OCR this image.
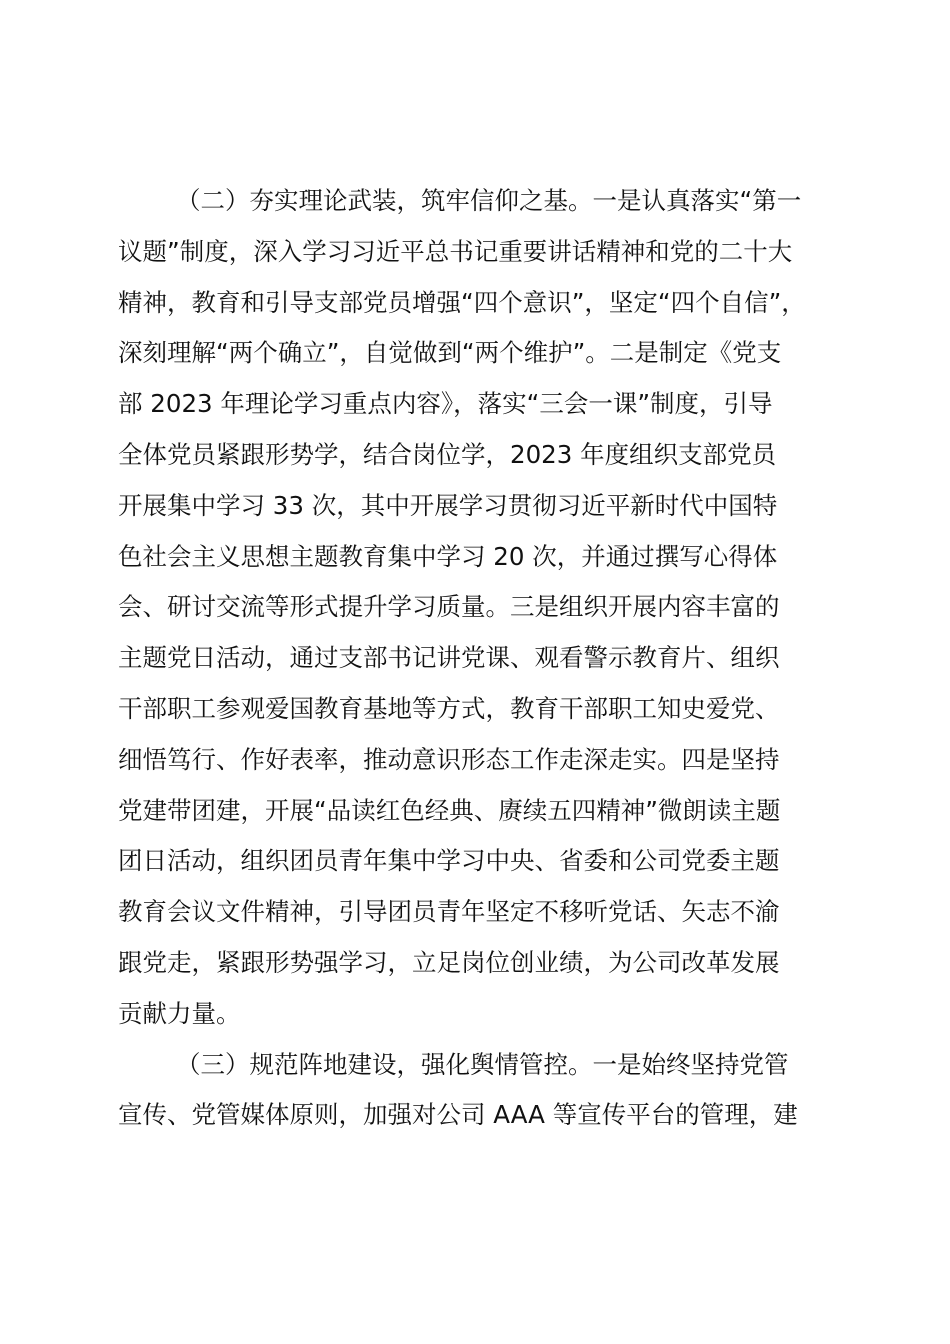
（二）夯实理论武装，筑牢信仰之基。一是认真落实“第一

议题”制度，深入学习习近平总书记重要讲话精神和党的二十大

精神，教育和引导支部党员增强“四个意识”，坚定“四个自信”，

深刻理解“两个确立”，自觉做到“两个维护”。二是制定《党支

部 2023 年理论学习重点内容》，落实“三会一课”制度，引导

全体党员紧跟形势学，结合岗位学，2023 年度组织支部党员

开展集中学习 33 次，其中开展学习贯彻习近平新时代中国特

色社会主义思想主题教育集中学习 20 次，并通过撰写心得体

会、研讨交流等形式提升学习质量。三是组织开展内容丰富的

主题党日活动，通过支部书记讲党课、观看警示教育片、组织

干部职工参观爱国教育基地等方式，教育干部职工知史爱党、

细悟笃行、作好表率，推动意识形态工作走深走实。四是坚持

党建带团建，开展“品读红色经典、赓续五四精神”微朗读主题

团日活动，组织团员青年集中学习中央、省委和公司党委主题

教育会议文件精神，引导团员青年坚定不移听党话、矢志不渝

跟党走，紧跟形势强学习，立足岗位创业绩，为公司改革发展

贡献力量。

（三）规范阵地建设，强化舆情管控。一是始终坚持党管

宣传、党管媒体原则，加强对公司 AAA 等宣传平台的管理，建
